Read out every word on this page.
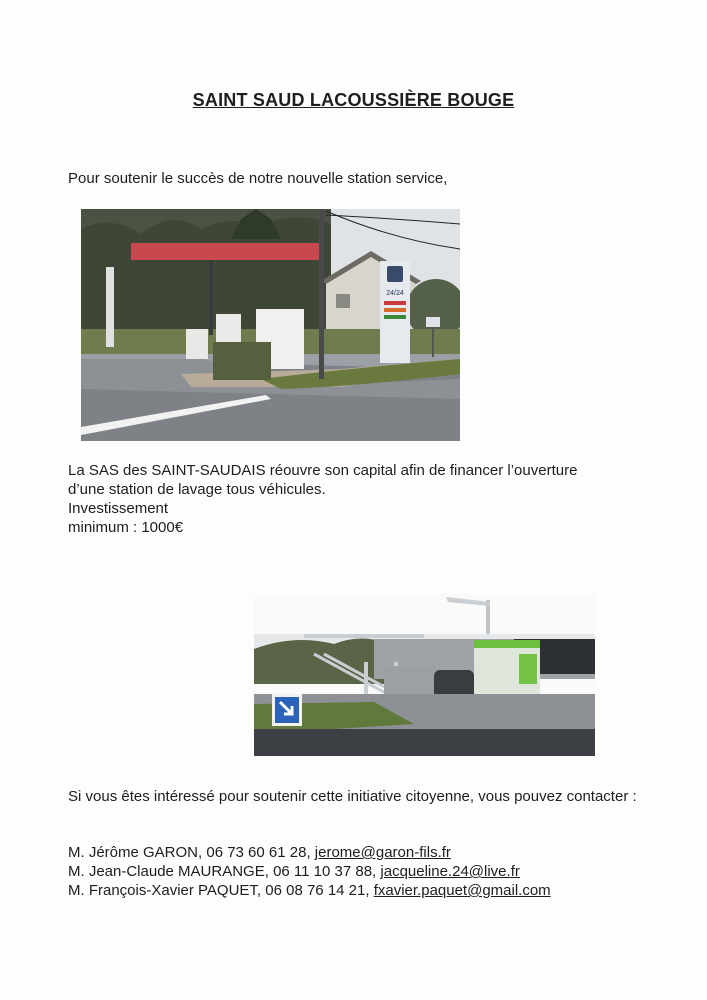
SAINT SAUD LACOUSSIÈRE BOUGE
Pour soutenir le succès de notre nouvelle station service,
24/24
La SAS des SAINT-SAUDAIS réouvre son capital afin de financer l’ouverture
d’une station de lavage tous véhicules.
Investissement
minimum : 1000€
Si vous êtes intéressé pour soutenir cette initiative citoyenne, vous pouvez contacter :
M. Jérôme GARON, 06 73 60 61 28, jerome@garon-fils.fr
M. Jean-Claude MAURANGE, 06 11 10 37 88, jacqueline.24@live.fr
M. François-Xavier PAQUET, 06 08 76 14 21, fxavier.paquet@gmail.com
